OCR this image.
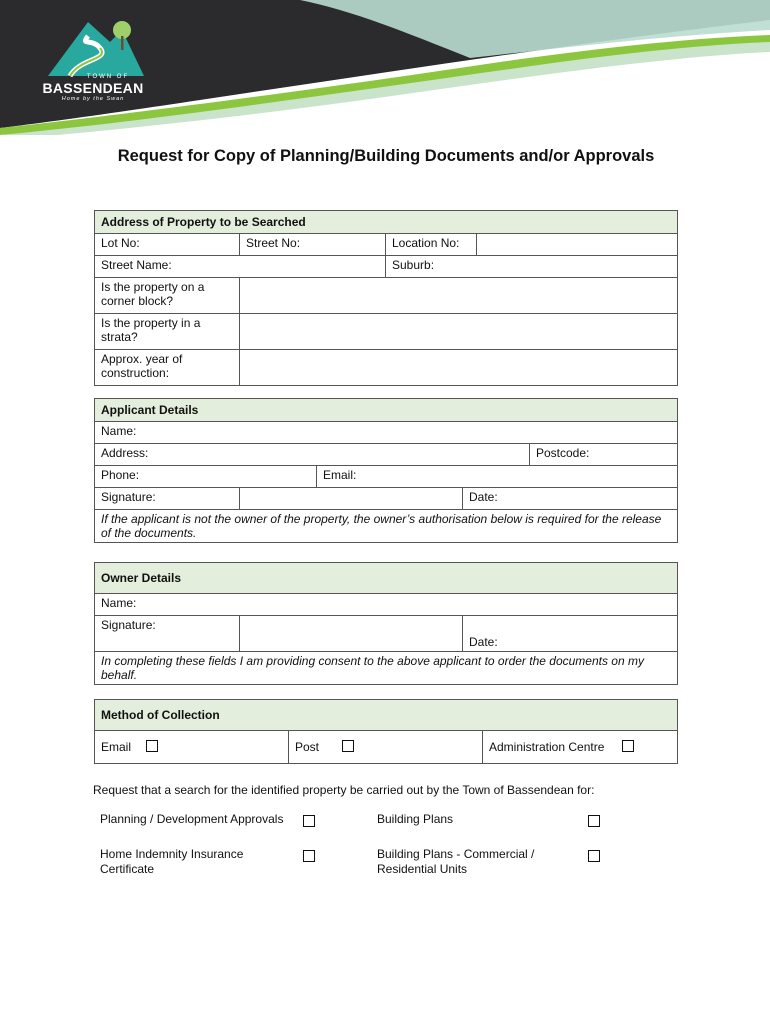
TOWN OF
BASSENDEAN
Home by the Swan
Request for Copy of Planning/Building Documents and/or Approvals
Address of Property to be Searched			
Lot No:	Street No:	Location No:	
Street Name:		Suburb:	
Is the property on a corner block?			
Is the property in a strata?			
Approx. year of construction:			
Applicant Details				
Name:				
Address:				Postcode:
Phone:		Email:		
Signature:			Date:	
If the applicant is not the owner of the property, the owner’s authorisation below is required for the release of the documents.				
Owner Details
Name:
Signature:		Date:
In completing these fields I am providing consent to the above applicant to order the documents on my behalf.
Method of Collection
Email	Post	Administration Centre
Request that a search for the identified property be carried out by the Town of Bassendean for:
Planning / Development Approvals
Home Indemnity Insurance Certificate
Building Plans
Building Plans - Commercial / Residential Units
